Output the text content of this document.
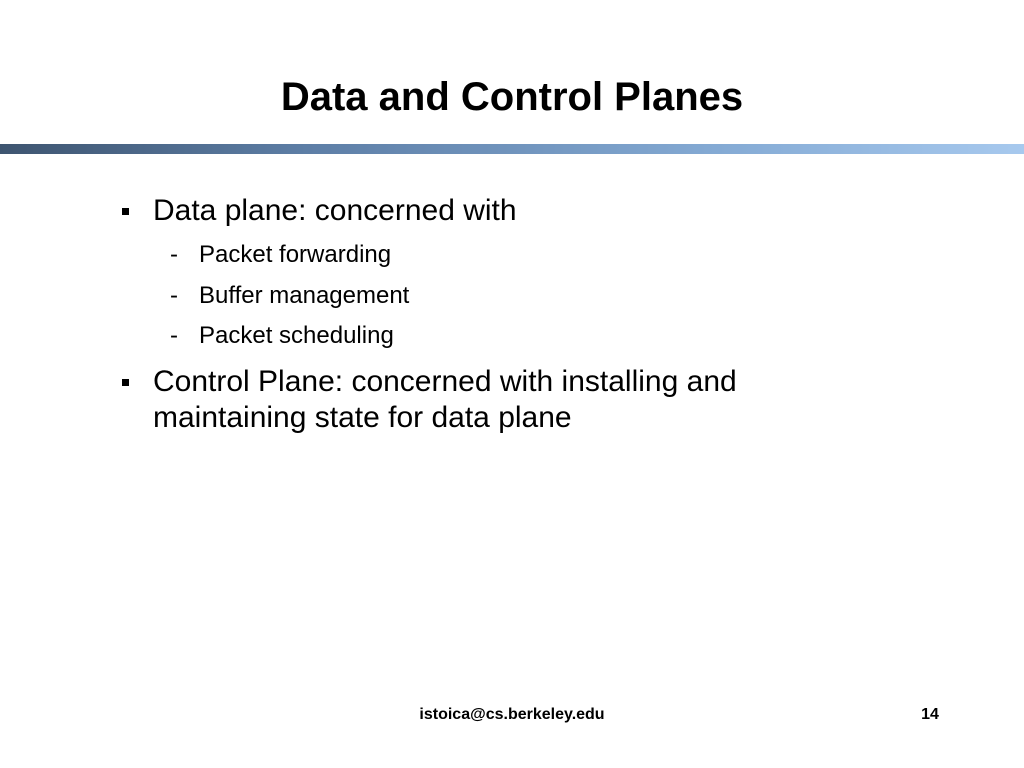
Data and Control Planes
Data plane: concerned with
- Packet forwarding
- Buffer management
- Packet scheduling
Control Plane: concerned with installing and
maintaining state for data plane
istoica@cs.berkeley.edu	14
